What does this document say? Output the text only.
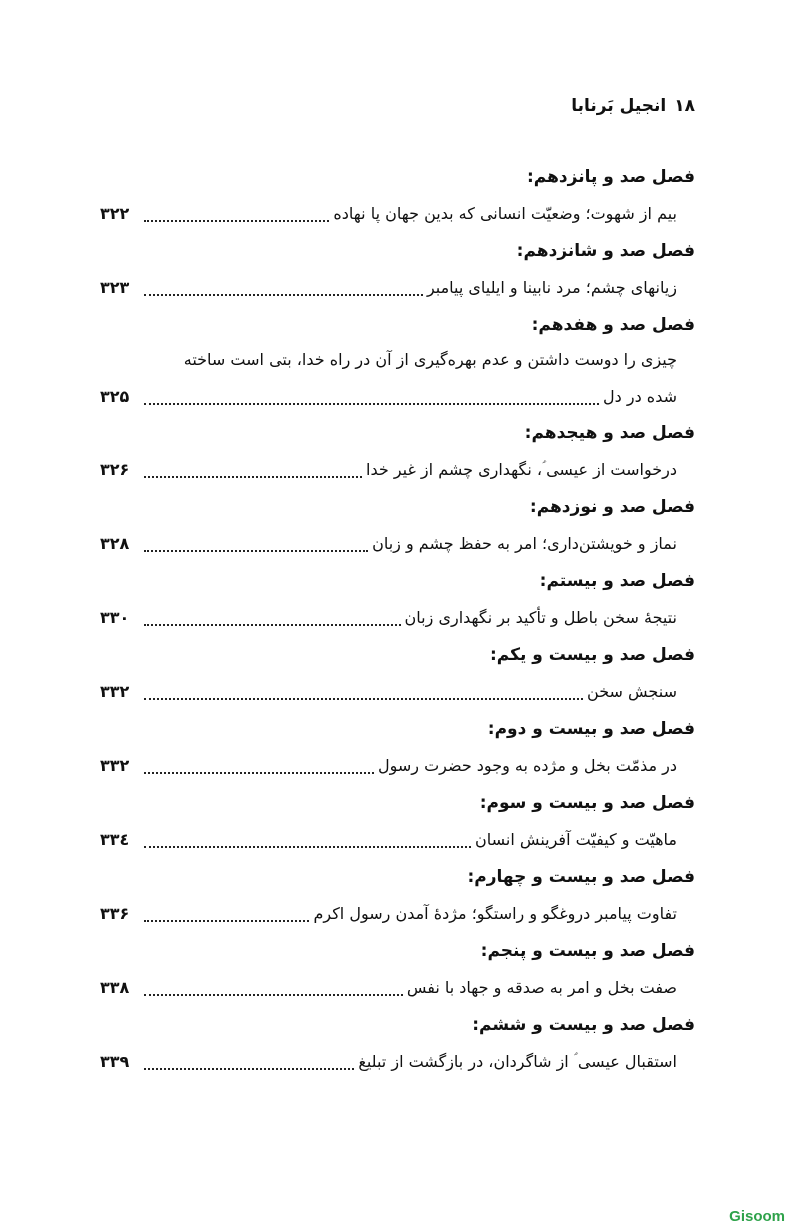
۱۸
انجیل بَرنابا
فصل صد و پانزدهم:
بیم از شهوت؛ وضعیّت انسانی که بدین جهان پا نهاده
۳۲۲
فصل صد و شانزدهم:
زیانهای چشم؛ مرد نابینا و ایلیای پیامبر
۳۲۳
فصل صد و هفدهم:
چیزی را دوست داشتن و عدم بهره‌گیری از آن در راه خدا، بتی است ساخته
شده در دل
۳۲۵
فصل صد و هیجدهم:
درخواست از عیسی ؑ، نگهداری چشم از غیر خدا
۳۲۶
فصل صد و نوزدهم:
نماز و خویشتن‌داری؛ امر به حفظ چشم و زبان
۳۲۸
فصل صد و بیستم:
نتیجهٔ سخن باطل و تأکید بر نگهداری زبان
۳۳۰
فصل صد و بیست و یکم:
سنجش سخن
۳۳۲
فصل صد و بیست و دوم:
در مذمّت بخل و مژده به وجود حضرت رسول
۳۳۲
فصل صد و بیست و سوم:
ماهیّت و کیفیّت آفرینش انسان
۳۳٤
فصل صد و بیست و چهارم:
تفاوت پیامبر دروغگو و راستگو؛ مژدهٔ آمدن رسول اکرم
۳۳۶
فصل صد و بیست و پنجم:
صفت بخل و امر به صدقه و جهاد با نفس
۳۳۸
فصل صد و بیست و ششم:
استقبال عیسی ؑ از شاگردان، در بازگشت از تبلیغ
۳۳۹
Gisoom
